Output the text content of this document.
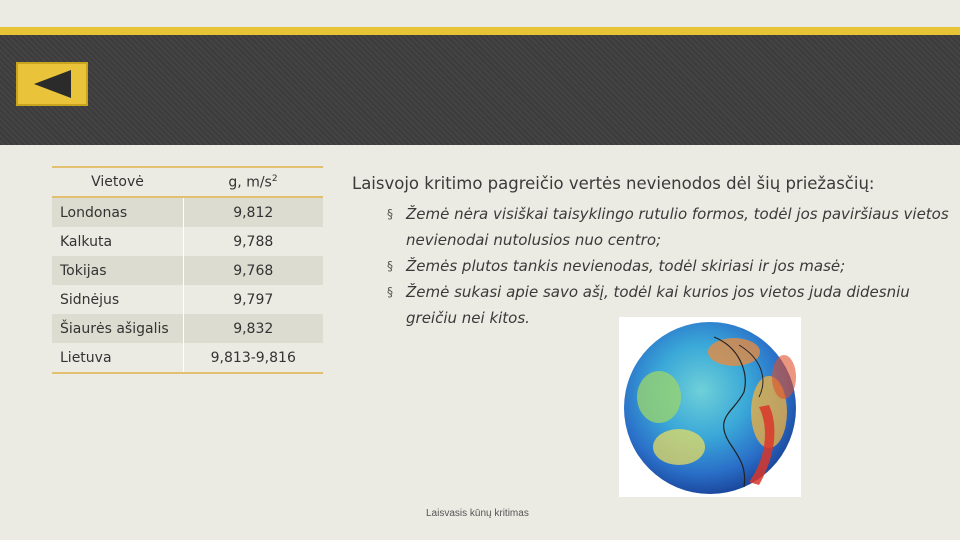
Vietovė	g, $m/s^2$
Londonas	9,812
Kalkuta	9,788
Tokijas	9,768
Sidnėjus	9,797
Šiaurės ašigalis	9,832
Lietuva	9,813-9,816
Laisvojo kritimo pagreičio vertės nevienodos dėl šių priežasčių:
§ Žemė nėra visiškai taisyklingo rutulio formos, todėl jos paviršiaus vietos nevienodai nutolusios nuo centro;
§ Žemės plutos tankis nevienodas, todėl skiriasi ir jos masė;
§ Žemė sukasi apie savo ašį, todėl kai kurios jos vietos juda didesniu greičiu nei kitos.
Laisvasis kūnų kritimas
